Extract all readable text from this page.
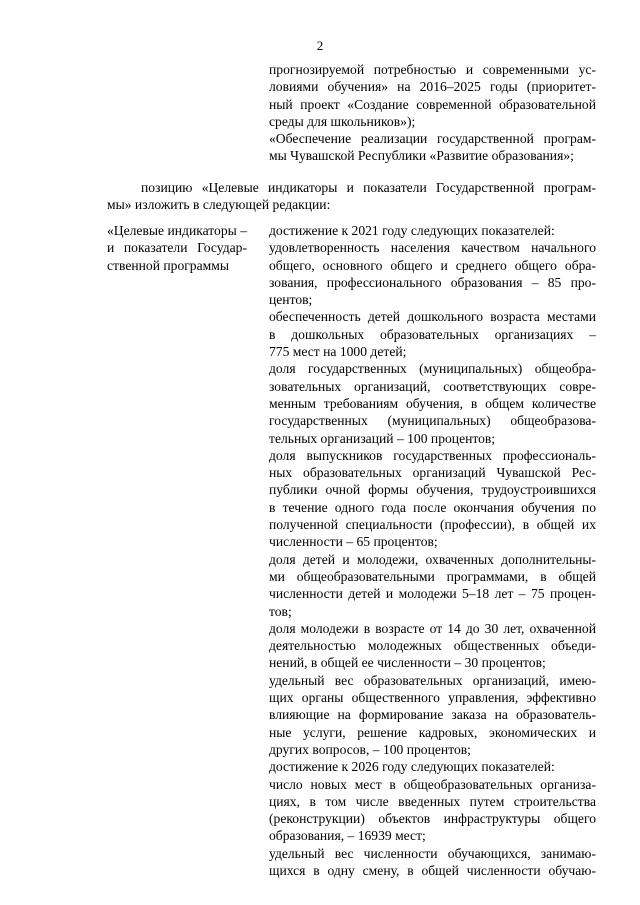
2
прогнозируемой потребностью и современными ус-
ловиями обучения» на 2016–2025 годы (приоритет-
ный проект «Создание современной образовательной
среды для школьников»);
«Обеспечение реализации государственной програм-
мы Чувашской Республики «Развитие образования»;
позицию «Целевые индикаторы и показатели Государственной програм-
мы» изложить в следующей редакции:
«Целевые индикаторы –
и показатели Государ-
ственной программы
достижение к 2021 году следующих показателей:
удовлетворенность населения качеством начального
общего, основного общего и среднего общего обра-
зования, профессионального образования – 85 про-
центов;
обеспеченность детей дошкольного возраста местами
в дошкольных образовательных организациях –
775 мест на 1000 детей;
доля государственных (муниципальных) общеобра-
зовательных организаций, соответствующих совре-
менным требованиям обучения, в общем количестве
государственных (муниципальных) общеобразова-
тельных организаций – 100 процентов;
доля выпускников государственных профессиональ-
ных образовательных организаций Чувашской Рес-
публики очной формы обучения, трудоустроившихся
в течение одного года после окончания обучения по
полученной специальности (профессии), в общей их
численности – 65 процентов;
доля детей и молодежи, охваченных дополнительны-
ми общеобразовательными программами, в общей
численности детей и молодежи 5–18 лет – 75 процен-
тов;
доля молодежи в возрасте от 14 до 30 лет, охваченной
деятельностью молодежных общественных объеди-
нений, в общей ее численности – 30 процентов;
удельный вес образовательных организаций, имею-
щих органы общественного управления, эффективно
влияющие на формирование заказа на образователь-
ные услуги, решение кадровых, экономических и
других вопросов, – 100 процентов;
достижение к 2026 году следующих показателей:
число новых мест в общеобразовательных организа-
циях, в том числе введенных путем строительства
(реконструкции) объектов инфраструктуры общего
образования, – 16939 мест;
удельный вес численности обучающихся, занимаю-
щихся в одну смену, в общей численности обучаю-
